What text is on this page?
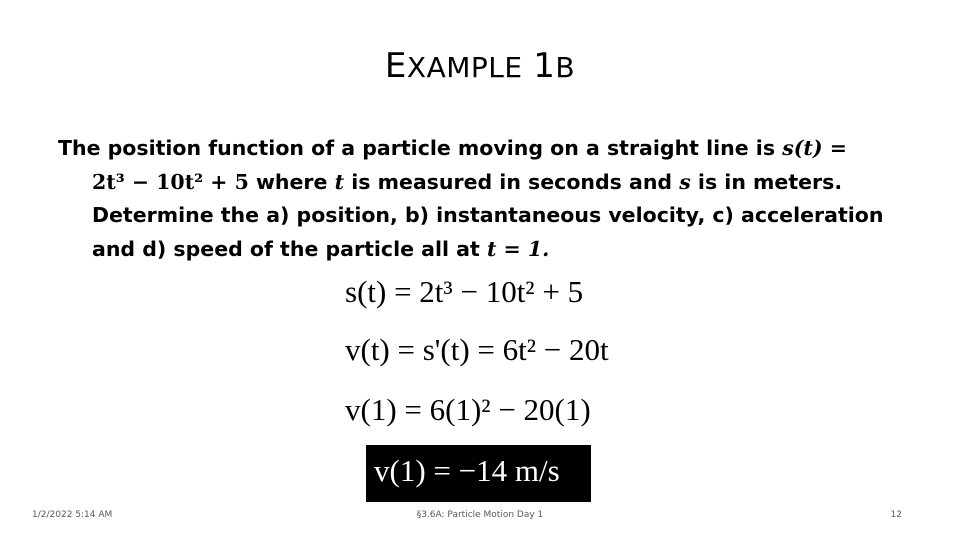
EXAMPLE 1B
The position function of a particle moving on a straight line is s(t) =
2t³ − 10t² + 5 where t is measured in seconds and s is in meters.
Determine the a) position, b) instantaneous velocity, c) acceleration
and d) speed of the particle all at t = 1.
s(t) = 2t³ − 10t² + 5
v(t) = s'(t) = 6t² − 20t
v(1) = 6(1)² − 20(1)
v(1) = −14 m/s
1/2/2022 5:14 AM	§3.6A: Particle Motion Day 1	12
